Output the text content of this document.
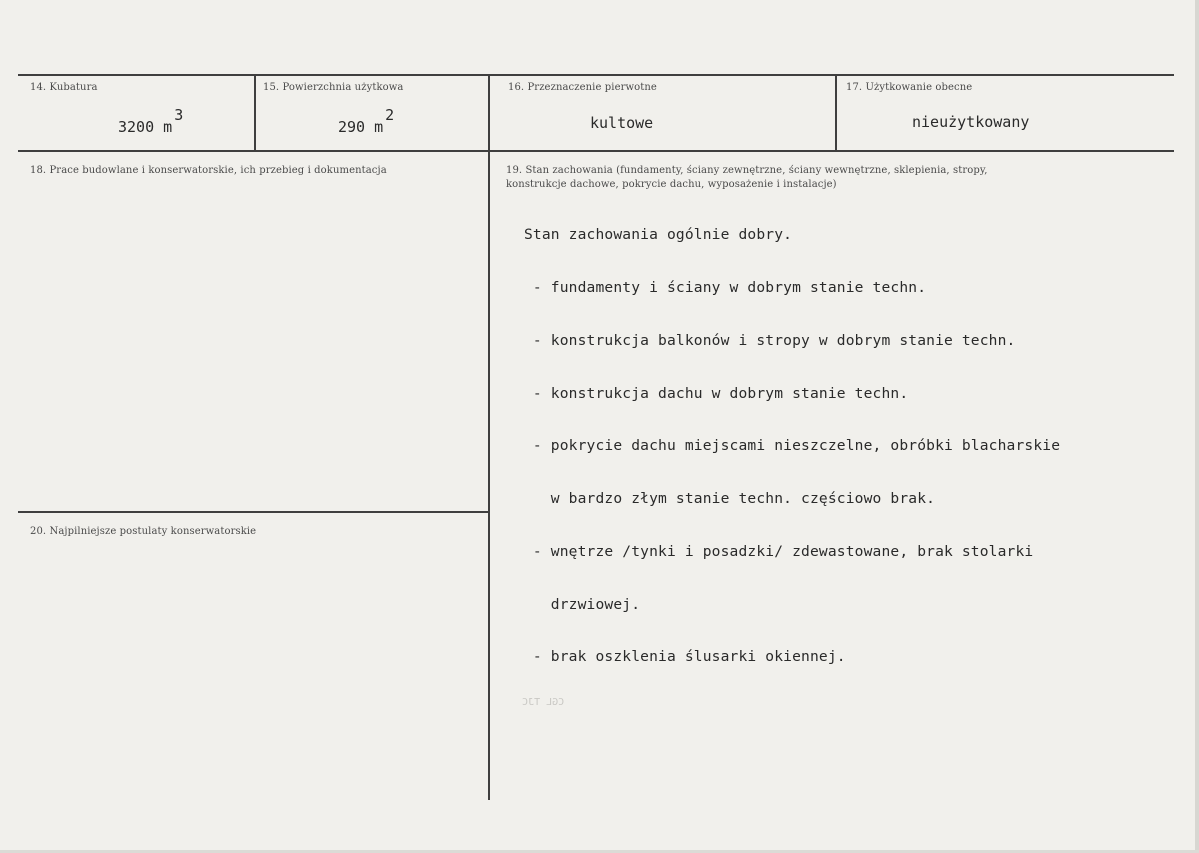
14. Kubatura
3200 m3
15. Powierzchnia użytkowa
290 m2
16. Przeznaczenie pierwotne
kultowe
17. Użytkowanie obecne
nieużytkowany
18. Prace budowlane i konserwatorskie, ich przebieg i dokumentacja	19. Stan zachowania (fundamenty, ściany zewnętrzne, ściany wewnętrzne, sklepienia, stropy,
konstrukcje dachowe, pokrycie dachu, wyposażenie i instalacje)

Stan zachowania ogólnie dobry.

- fundamenty i ściany w dobrym stanie techn.

- konstrukcja balkonów i stropy w dobrym stanie techn.

- konstrukcja dachu w dobrym stanie techn.

- pokrycie dachu miejscami nieszczelne, obróbki blacharskie

w bardzo złym stanie techn. częściowo brak.

- wnętrze /tynki i posadzki/ zdewastowane, brak stolarki

drzwiowej.

- brak oszklenia ślusarki okiennej.

20. Najpilniejsze postulaty konserwatorskie
CGL TJC
